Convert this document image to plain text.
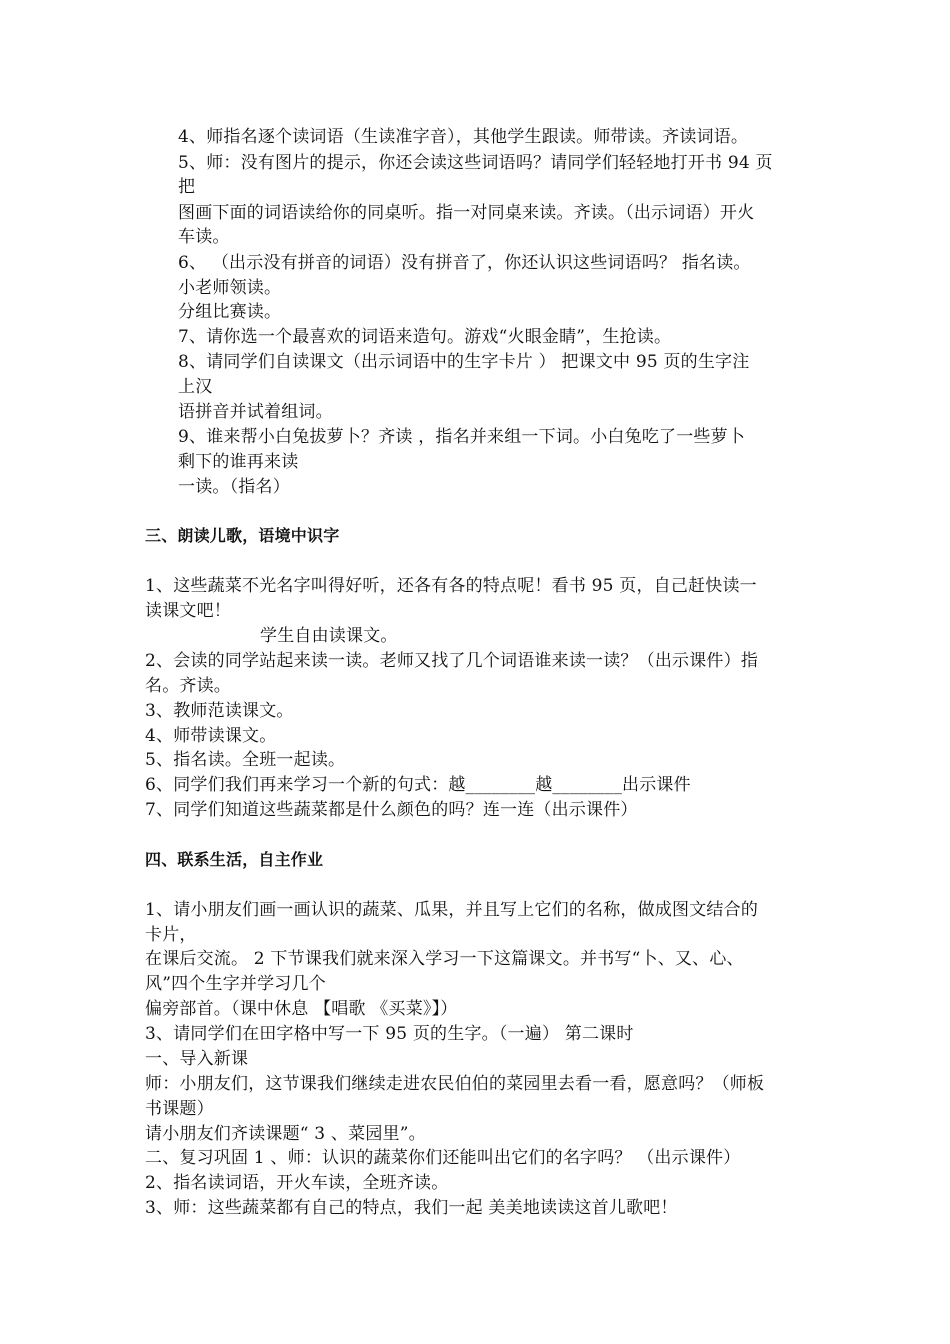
4、师指名逐个读词语（生读准字音），其他学生跟读。师带读。齐读词语。
5、师：没有图片的提示，你还会读这些词语吗？请同学们轻轻地打开书 94 页
把
图画下面的词语读给你的同桌听。指一对同桌来读。齐读。（出示词语）开火
车读。
6、 （出示没有拼音的词语）没有拼音了，你还认识这些词语吗？ 指名读。
小老师领读。
分组比赛读。
7、请你选一个最喜欢的词语来造句。游戏“火眼金睛”，生抢读。
8、请同学们自读课文（出示词语中的生字卡片 ） 把课文中 95 页的生字注
上汉
语拼音并试着组词。
9、谁来帮小白兔拔萝卜？齐读 ，指名并来组一下词。小白兔吃了一些萝卜
剩下的谁再来读
一读。（指名）
三、朗读儿歌，语境中识字
1、这些蔬菜不光名字叫得好听，还各有各的特点呢！看书 95 页，自己赶快读一
读课文吧！
学生自由读课文。
2、会读的同学站起来读一读。老师又找了几个词语谁来读一读？（出示课件）指
名。齐读。
3、教师范读课文。
4、师带读课文。
5、指名读。全班一起读。
6、同学们我们再来学习一个新的句式：越________越________出示课件
7、同学们知道这些蔬菜都是什么颜色的吗？连一连（出示课件）
四、联系生活，自主作业
1、请小朋友们画一画认识的蔬菜、瓜果，并且写上它们的名称，做成图文结合的
卡片，
在课后交流。 2 下节课我们就来深入学习一下这篇课文。并书写“卜、又、心、
风”四个生字并学习几个
偏旁部首。（课中休息 【唱歌 《买菜》】）
3、请同学们在田字格中写一下 95 页的生字。（一遍） 第二课时
一、导入新课
师：小朋友们，这节课我们继续走进农民伯伯的菜园里去看一看，愿意吗？（师板
书课题）
请小朋友们齐读课题“ 3 、菜园里”。
二、复习巩固 1 、师：认识的蔬菜你们还能叫出它们的名字吗？ （出示课件）
2、指名读词语，开火车读，全班齐读。
3、师：这些蔬菜都有自己的特点，我们一起 美美地读读这首儿歌吧！
